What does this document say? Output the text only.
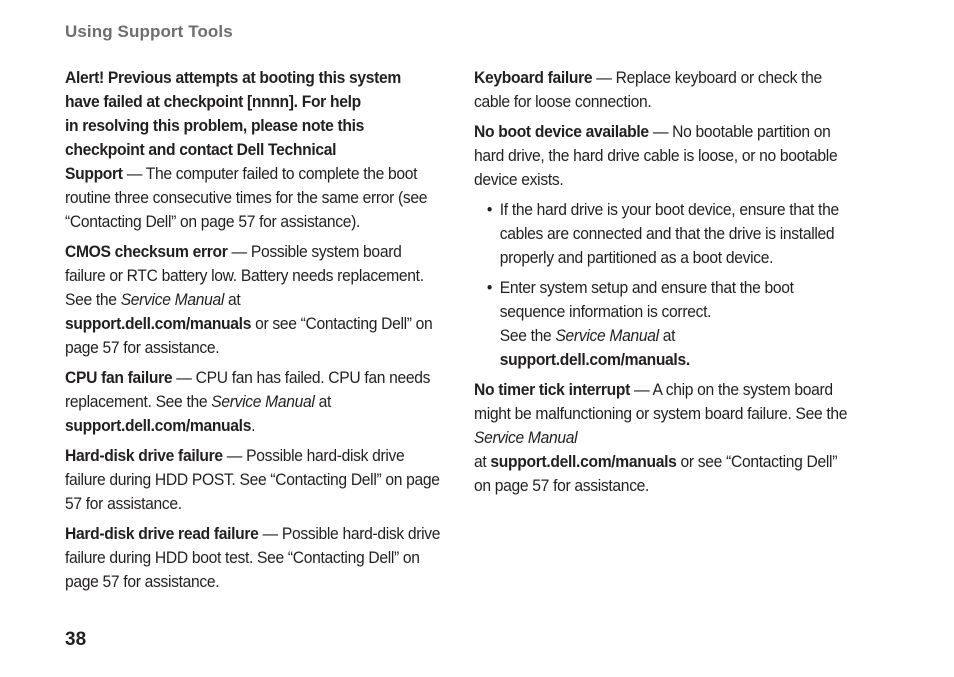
Using Support Tools

Alert! Previous attempts at booting this system
have failed at checkpoint [nnnn]. For help
in resolving this problem, please note this
checkpoint and contact Dell Technical
Support — The computer failed to complete the boot routine three consecutive times for the same error (see “Contacting Dell” on page 57 for assistance).

CMOS checksum error — Possible system board failure or RTC battery low. Battery needs replacement. See the Service Manual at
support.dell.com/manuals or see “Contacting Dell” on page 57 for assistance.

CPU fan failure — CPU fan has failed. CPU fan needs replacement. See the Service Manual at
support.dell.com/manuals.

Hard-disk drive failure — Possible hard-disk drive failure during HDD POST. See “Contacting Dell” on page 57 for assistance.

Hard-disk drive read failure — Possible hard-disk drive failure during HDD boot test. See “Contacting Dell” on page 57 for assistance.

Keyboard failure — Replace keyboard or check the cable for loose connection.

No boot device available — No bootable partition on hard drive, the hard drive cable is loose, or no bootable device exists.

• If the hard drive is your boot device, ensure that the cables are connected and that the drive is installed properly and partitioned as a boot device.
• Enter system setup and ensure that the boot sequence information is correct.
See the Service Manual at
support.dell.com/manuals.

No timer tick interrupt — A chip on the system board might be malfunctioning or system board failure. See the Service Manual
at support.dell.com/manuals or see “Contacting Dell” on page 57 for assistance.

38
